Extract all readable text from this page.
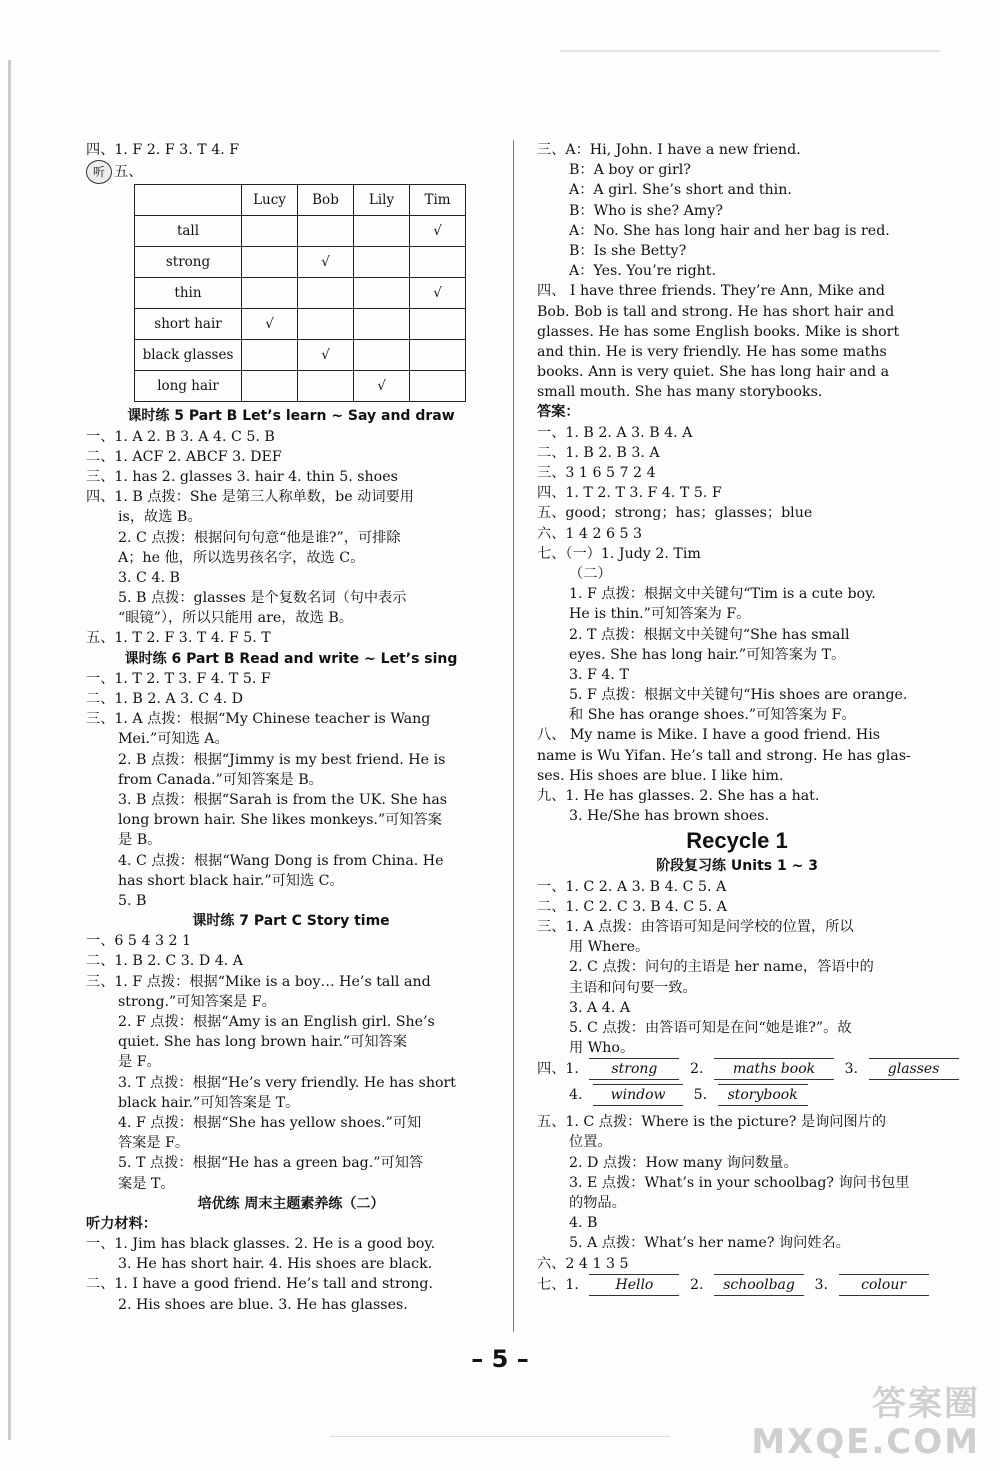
四、1. F 2. F 3. T 4. F
听 五、
	Lucy	Bob	Lily	Tim
tall				√
strong		√		
thin				√
short hair	√			
black glasses		√		
long hair			√	
课时练 5 Part B Let’s learn ~ Say and draw
一、1. A 2. B 3. A 4. C 5. B
二、1. ACF 2. ABCF 3. DEF
三、1. has 2. glasses 3. hair 4. thin 5. shoes
四、1. B 点拨：She 是第三人称单数，be 动词要用
is，故选 B。
2. C 点拨：根据问句句意“他是谁?”，可排除
A；he 他，所以选男孩名字，故选 C。
3. C 4. B
5. B 点拨：glasses 是个复数名词（句中表示
“眼镜”），所以只能用 are，故选 B。
五、1. T 2. F 3. T 4. F 5. T
课时练 6 Part B Read and write ~ Let’s sing
一、1. T 2. T 3. F 4. T 5. F
二、1. B 2. A 3. C 4. D
三、1. A 点拨：根据“My Chinese teacher is Wang
Mei.”可知选 A。
2. B 点拨：根据“Jimmy is my best friend. He is
from Canada.”可知答案是 B。
3. B 点拨：根据“Sarah is from the UK. She has
long brown hair. She likes monkeys.”可知答案
是 B。
4. C 点拨：根据“Wang Dong is from China. He
has short black hair.”可知选 C。
5. B
课时练 7 Part C Story time
一、6 5 4 3 2 1
二、1. B 2. C 3. D 4. A
三、1. F 点拨：根据“Mike is a boy… He’s tall and
strong.”可知答案是 F。
2. F 点拨：根据“Amy is an English girl. She’s
quiet. She has long brown hair.”可知答案
是 F。
3. T 点拨：根据“He’s very friendly. He has short
black hair.”可知答案是 T。
4. F 点拨：根据“She has yellow shoes.”可知
答案是 F。
5. T 点拨：根据“He has a green bag.”可知答
案是 T。
培优练 周末主题素养练（二）
听力材料：
一、1. Jim has black glasses. 2. He is a good boy.
3. He has short hair. 4. His shoes are black.
二、1. I have a good friend. He’s tall and strong.
2. His shoes are blue. 3. He has glasses.
三、A：Hi, John. I have a new friend.
B：A boy or girl?
A：A girl. She’s short and thin.
B：Who is she? Amy?
A：No. She has long hair and her bag is red.
B：Is she Betty?
A：Yes. You’re right.
四、 I have three friends. They’re Ann, Mike and
Bob. Bob is tall and strong. He has short hair and
glasses. He has some English books. Mike is short
and thin. He is very friendly. He has some maths
books. Ann is very quiet. She has long hair and a
small mouth. She has many storybooks.
答案：
一、1. B 2. A 3. B 4. A
二、1. B 2. B 3. A
三、3 1 6 5 7 2 4
四、1. T 2. T 3. F 4. T 5. F
五、good；strong；has；glasses；blue
六、1 4 2 6 5 3
七、（一）1. Judy 2. Tim
（二）
1. F 点拨：根据文中关键句“Tim is a cute boy.
He is thin.”可知答案为 F。
2. T 点拨：根据文中关键句“She has small
eyes. She has long hair.”可知答案为 T。
3. F 4. T
5. F 点拨：根据文中关键句“His shoes are orange.
和 She has orange shoes.”可知答案为 F。
八、 My name is Mike. I have a good friend. His
name is Wu Yifan. He’s tall and strong. He has glas-
ses. His shoes are blue. I like him.
九、1. He has glasses. 2. She has a hat.
3. He/She has brown shoes.
Recycle 1
阶段复习练 Units 1 ~ 3
一、1. C 2. A 3. B 4. C 5. A
二、1. C 2. C 3. B 4. C 5. A
三、1. A 点拨：由答语可知是问学校的位置，所以
用 Where。
2. C 点拨：问句的主语是 her name，答语中的
主语和问句要一致。
3. A 4. A
5. C 点拨：由答语可知是在问“她是谁?”。故
用 Who。
四、1. strong 2. maths book 3. glasses
4. window 5. storybook
五、1. C 点拨：Where is the picture? 是询问图片的
位置。
2. D 点拨：How many 询问数量。
3. E 点拨：What’s in your schoolbag? 询问书包里
的物品。
4. B
5. A 点拨：What’s her name? 询问姓名。
六、2 4 1 3 5
七、1.	Hello	2. schoolbag 3. colour
– 5 –
答案圈
MXQE.COM
